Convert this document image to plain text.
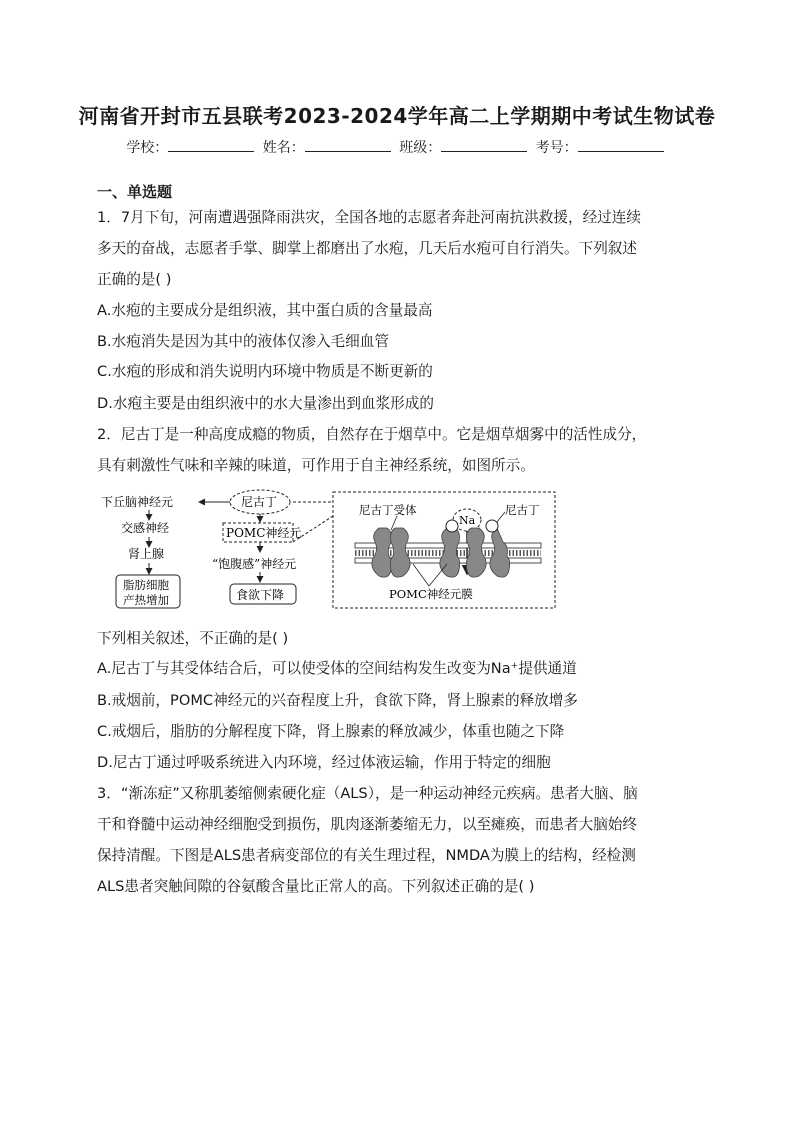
河南省开封市五县联考2023-2024学年高二上学期期中考试生物试卷
学校：	姓名：	班级：	考号：
一、单选题
1．7月下旬，河南遭遇强降雨洪灾，全国各地的志愿者奔赴河南抗洪救援，经过连续
多天的奋战，志愿者手掌、脚掌上都磨出了水疱，几天后水疱可自行消失。下列叙述
正确的是( )
A.水疱的主要成分是组织液，其中蛋白质的含量最高
B.水疱消失是因为其中的液体仅渗入毛细血管
C.水疱的形成和消失说明内环境中物质是不断更新的
D.水疱主要是由组织液中的水大量渗出到血浆形成的
2．尼古丁是一种高度成瘾的物质，自然存在于烟草中。它是烟草烟雾中的活性成分，
具有刺激性气味和辛辣的味道，可作用于自主神经系统，如图所示。
下丘脑神经元
交感神经
肾上腺
脂肪细胞
产热增加
尼古丁
POMC神经元
“饱腹感”神经元
食欲下降
尼古丁受体	尼古丁
Na
POMC神经元膜
下列相关叙述，不正确的是( )
A.尼古丁与其受体结合后，可以使受体的空间结构发生改变为Na⁺提供通道
B.戒烟前，POMC神经元的兴奋程度上升，食欲下降，肾上腺素的释放增多
C.戒烟后，脂肪的分解程度下降，肾上腺素的释放减少，体重也随之下降
D.尼古丁通过呼吸系统进入内环境，经过体液运输，作用于特定的细胞
3．“渐冻症”又称肌萎缩侧索硬化症（ALS），是一种运动神经元疾病。患者大脑、脑
干和脊髓中运动神经细胞受到损伤，肌肉逐渐萎缩无力，以至瘫痪，而患者大脑始终
保持清醒。下图是ALS患者病变部位的有关生理过程，NMDA为膜上的结构，经检测
ALS患者突触间隙的谷氨酸含量比正常人的高。下列叙述正确的是( )
